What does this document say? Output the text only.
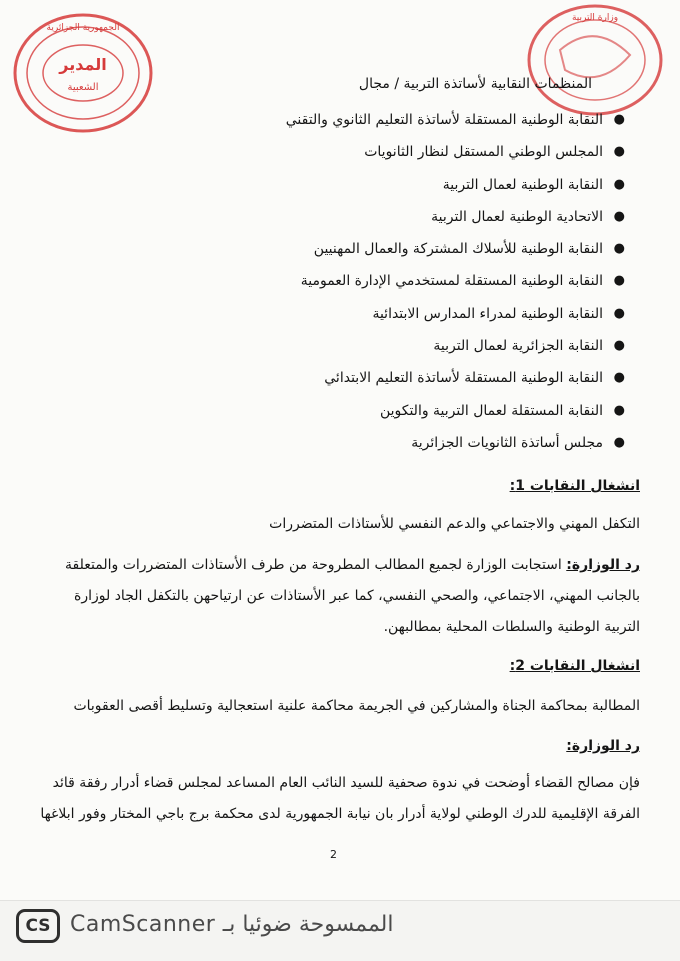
الجمهورية الجزائرية
المدير
الشعبية
وزارة التربية
المنظمات النقابية لأساتذة التربية / مجال
●
النقابة الوطنية المستقلة لأساتذة التعليم الثانوي والتقني
●
المجلس الوطني المستقل لنظار الثانويات
●
النقابة الوطنية لعمال التربية
●
الاتحادية الوطنية لعمال التربية
●
النقابة الوطنية للأسلاك المشتركة والعمال المهنيين
●
النقابة الوطنية المستقلة لمستخدمي الإدارة العمومية
●
النقابة الوطنية لمدراء المدارس الابتدائية
●
النقابة الجزائرية لعمال التربية
●
النقابة الوطنية المستقلة لأساتذة التعليم الابتدائي
●
النقابة المستقلة لعمال التربية والتكوين
●
مجلس أساتذة الثانويات الجزائرية
انشغال النقابات 1:
التكفل المهني والاجتماعي والدعم النفسي للأستاذات المتضررات
رد الوزارة: استجابت الوزارة لجميع المطالب المطروحة من طرف الأستاذات المتضررات والمتعلقة بالجانب المهني، الاجتماعي، والصحي النفسي، كما عبر الأستاذات عن ارتياحهن بالتكفل الجاد لوزارة التربية الوطنية والسلطات المحلية بمطالبهن.
انشغال النقابات 2:
المطالبة بمحاكمة الجناة والمشاركين في الجريمة محاكمة علنية استعجالية وتسليط أقصى العقوبات
رد الوزارة:
فإن مصالح القضاء أوضحت في ندوة صحفية للسيد النائب العام المساعد لمجلس قضاء أدرار رفقة قائد الفرقة الإقليمية للدرك الوطني لولاية أدرار بان نيابة الجمهورية لدى محكمة برج باجي المختار وفور ابلاغها
2
CS CamScanner الممسوحة ضوئيا بـ
